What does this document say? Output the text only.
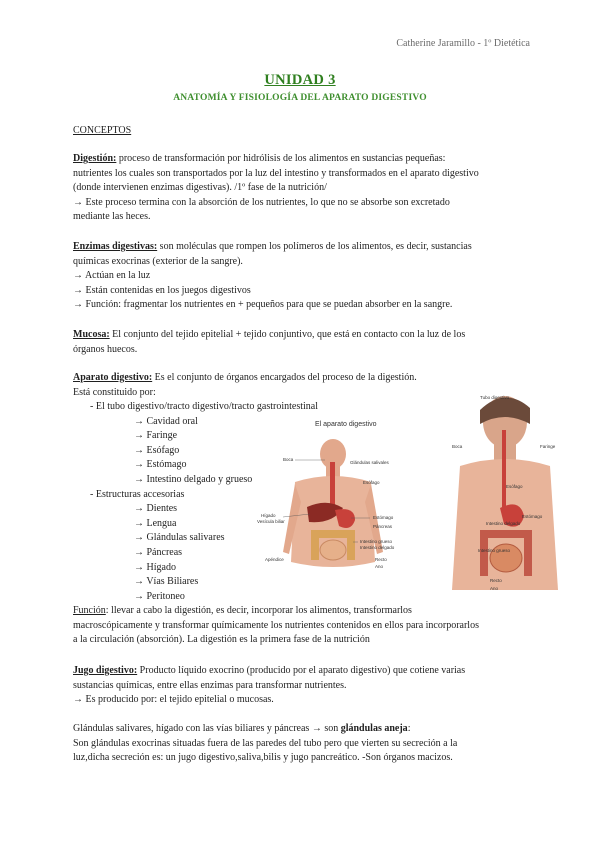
Catherine Jaramillo - 1º Dietética
UNIDAD 3
ANATOMÍA Y FISIOLOGÍA DEL APARATO DIGESTIVO
CONCEPTOS
Digestión: proceso de transformación por hidrólisis de los alimentos en sustancias pequeñas:
nutrientes los cuales son transportados por la luz del intestino y transformados en el aparato digestivo
(donde intervienen enzimas digestivas). /1º fase de la nutrición/
→ Este proceso termina con la absorción de los nutrientes, lo que no se absorbe son excretado
mediante las heces.
Enzimas digestivas: son moléculas que rompen los polímeros de los alimentos, es decir, sustancias
químicas exocrinas (exterior de la sangre).
→ Actúan en la luz
→ Están contenidas en los juegos digestivos
→ Función: fragmentar los nutrientes en + pequeños para que se puedan absorber en la sangre.
Mucosa: El conjunto del tejido epitelial + tejido conjuntivo, que está en contacto con la luz de los
órganos huecos.
Aparato digestivo: Es el conjunto de órganos encargados del proceso de la digestión.
Está constituido por:
- El tubo digestivo/tracto digestivo/tracto gastrointestinal
→ Cavidad oral
→ Faringe
→ Esófago
→ Estómago
→ Intestino delgado y grueso
- Estructuras accesorias
→ Dientes
→ Lengua
→ Glándulas salivares
→ Páncreas
→ Hígado
→ Vías Biliares
→ Peritoneo
El aparato digestivo
Boca
Glándulas salivales
Esófago
Hígado
Vesícula biliar
Estómago
Páncreas
Intestino grueso
Intestino delgado
Apéndice	Recto
Ano
Tubo digestivo
Boca	Faringe
Esófago
Estómago
Intestino delgado
Intestino grueso
Recto
Ano
Función: llevar a cabo la digestión, es decir, incorporar los alimentos, transformarlos
macroscópicamente y transformar químicamente los nutrientes contenidos en ellos para incorporarlos
a la circulación (absorción). La digestión es la primera fase de la nutrición
Jugo digestivo: Producto líquido exocrino (producido por el aparato digestivo) que cotiene varias
sustancias químicas, entre ellas enzimas para transformar nutrientes.
→ Es producido por: el tejido epitelial o mucosas.
Glándulas salivares, hígado con las vías biliares y páncreas → son glándulas aneja:
Son glándulas exocrinas situadas fuera de las paredes del tubo pero que vierten su secreción a la
luz,dicha secreción es: un jugo digestivo,saliva,bilis y jugo pancreático. -Son órganos macizos.
